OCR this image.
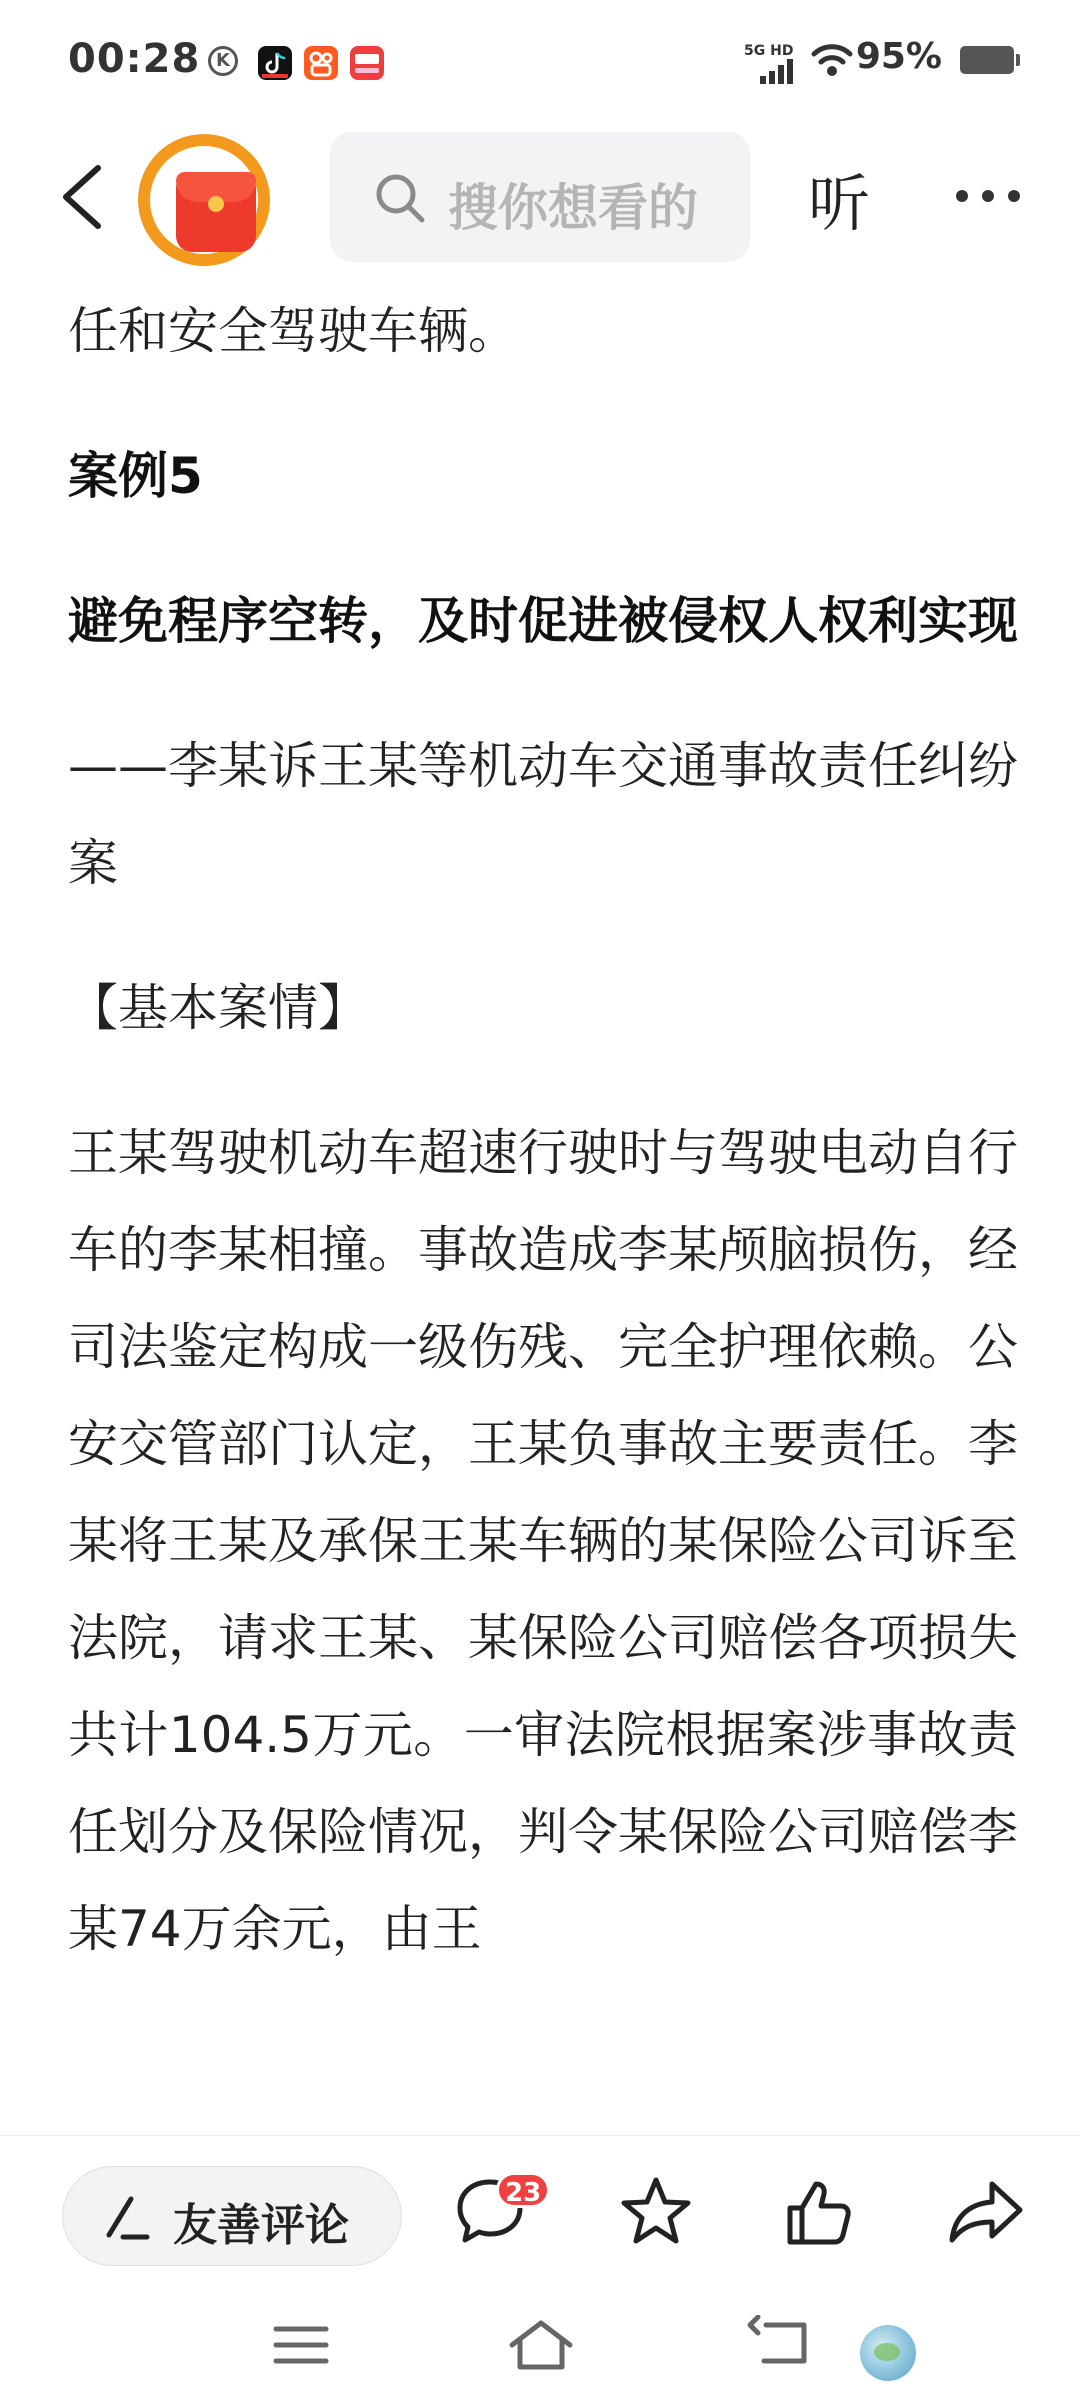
00:28 K	5G HD 95%
搜你想看的	听

任和安全驾驶车辆。

案例5

避免程序空转，及时促进被侵权人权利实现

——李某诉王某等机动车交通事故责任纠纷案

【基本案情】

王某驾驶机动车超速行驶时与驾驶电动自行车的李某相撞。事故造成李某颅脑损伤，经司法鉴定构成一级伤残、完全护理依赖。公安交管部门认定，王某负事故主要责任。李某将王某及承保王某车辆的某保险公司诉至法院，请求王某、某保险公司赔偿各项损失共计104.5万元。一审法院根据案涉事故责任划分及保险情况，判令某保险公司赔偿李某74万余元，由王

友善评论
23
